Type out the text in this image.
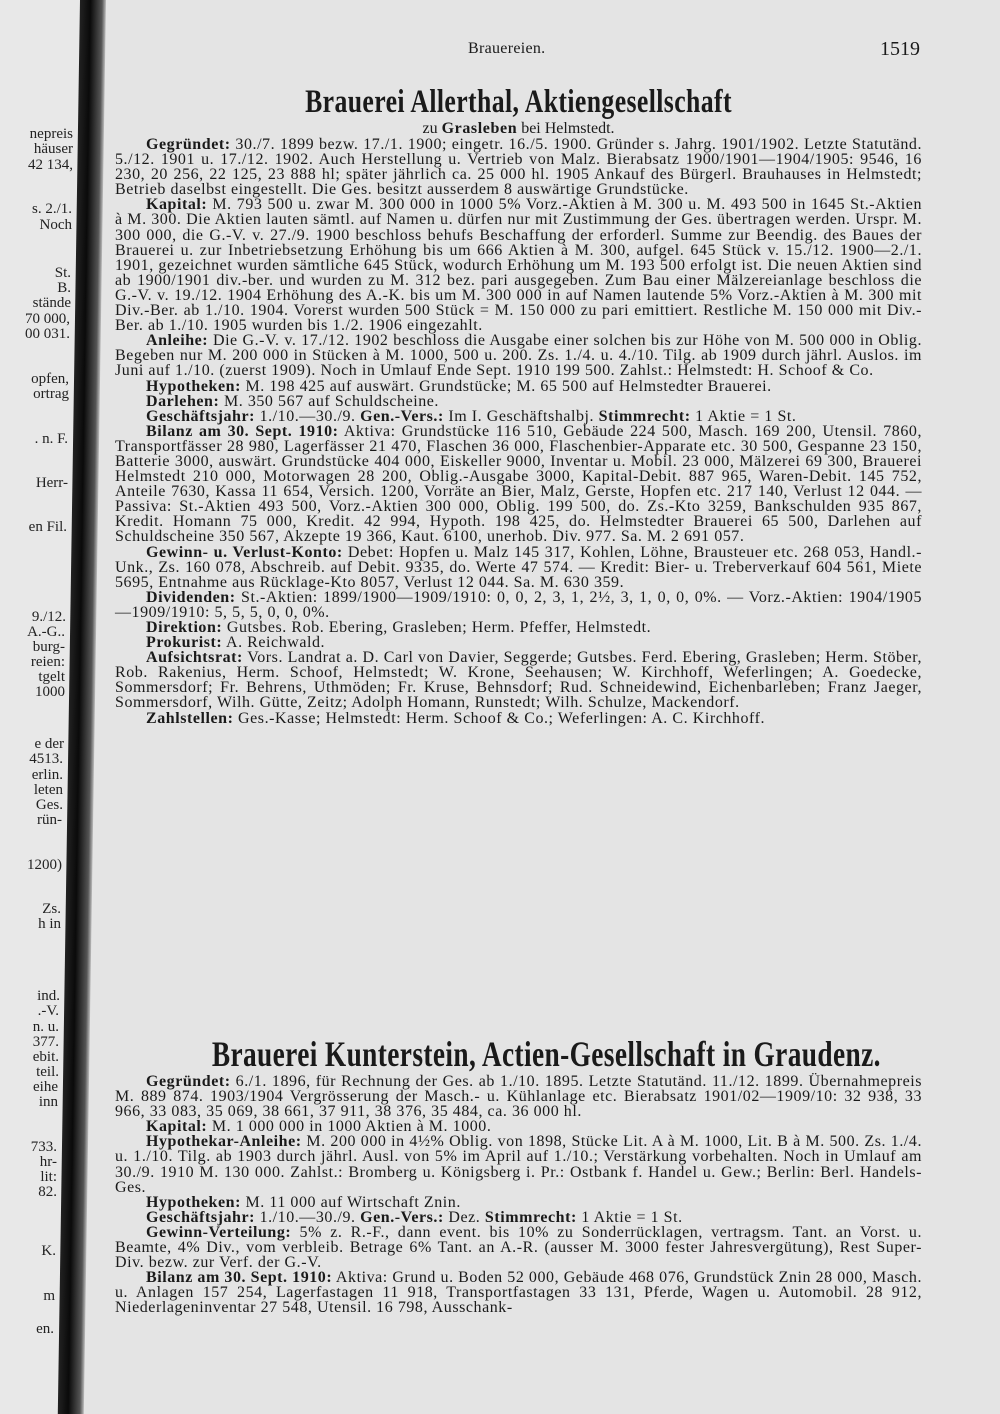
nepreis
häuser
42 134,
s. 2./1.
Noch
St.
B.
stände
70 000,
00 031.
opfen,
ortrag
. n. F.
Herr-
en Fil.
9./12.
A.-G..
burg-
reien:
tgelt
1000
e der
4513.
erlin.
leten
Ges.
rün-
1200)
Zs.
h in
ind.
.-V.
n. u.
377.
ebit.
teil.
eihe
inn
733.
hr-
lit:
82.
K.
m
en.
Brauereien.	1519
Brauerei Allerthal, Aktiengesellschaft
zu Grasleben bei Helmstedt.

Gegründet: 30./7. 1899 bezw. 17./1. 1900; eingetr. 16./5. 1900. Gründer s. Jahrg. 1901/1902. Letzte Statutänd. 5./12. 1901 u. 17./12. 1902. Auch Herstellung u. Vertrieb von Malz. Bierabsatz 1900/1901—1904/1905: 9546, 16 230, 20 256, 22 125, 23 888 hl; später jährlich ca. 25 000 hl. 1905 Ankauf des Bürgerl. Brauhauses in Helmstedt; Betrieb daselbst eingestellt. Die Ges. besitzt ausserdem 8 auswärtige Grundstücke.

Kapital: M. 793 500 u. zwar M. 300 000 in 1000 5% Vorz.-Aktien à M. 300 u. M. 493 500 in 1645 St.-Aktien à M. 300. Die Aktien lauten sämtl. auf Namen u. dürfen nur mit Zustimmung der Ges. übertragen werden. Urspr. M. 300 000, die G.-V. v. 27./9. 1900 beschloss behufs Beschaffung der erforderl. Summe zur Beendig. des Baues der Brauerei u. zur Inbetriebsetzung Erhöhung bis um 666 Aktien à M. 300, aufgel. 645 Stück v. 15./12. 1900—2./1. 1901, gezeichnet wurden sämtliche 645 Stück, wodurch Erhöhung um M. 193 500 erfolgt ist. Die neuen Aktien sind ab 1900/1901 div.-ber. und wurden zu M. 312 bez. pari ausgegeben. Zum Bau einer Mälzereianlage beschloss die G.-V. v. 19./12. 1904 Erhöhung des A.-K. bis um M. 300 000 in auf Namen lautende 5% Vorz.-Aktien à M. 300 mit Div.-Ber. ab 1./10. 1904. Vorerst wurden 500 Stück = M. 150 000 zu pari emittiert. Restliche M. 150 000 mit Div.-Ber. ab 1./10. 1905 wurden bis 1./2. 1906 eingezahlt.

Anleihe: Die G.-V. v. 17./12. 1902 beschloss die Ausgabe einer solchen bis zur Höhe von M. 500 000 in Oblig. Begeben nur M. 200 000 in Stücken à M. 1000, 500 u. 200. Zs. 1./4. u. 4./10. Tilg. ab 1909 durch jährl. Auslos. im Juni auf 1./10. (zuerst 1909). Noch in Umlauf Ende Sept. 1910 199 500. Zahlst.: Helmstedt: H. Schoof & Co.

Hypotheken: M. 198 425 auf auswärt. Grundstücke; M. 65 500 auf Helmstedter Brauerei.

Darlehen: M. 350 567 auf Schuldscheine.

Geschäftsjahr: 1./10.—30./9. Gen.-Vers.: Im I. Geschäftshalbj. Stimmrecht: 1 Aktie = 1 St.

Bilanz am 30. Sept. 1910: Aktiva: Grundstücke 116 510, Gebäude 224 500, Masch. 169 200, Utensil. 7860, Transportfässer 28 980, Lagerfässer 21 470, Flaschen 36 000, Flaschenbier-Apparate etc. 30 500, Gespanne 23 150, Batterie 3000, auswärt. Grundstücke 404 000, Eiskeller 9000, Inventar u. Mobil. 23 000, Mälzerei 69 300, Brauerei Helmstedt 210 000, Motorwagen 28 200, Oblig.-Ausgabe 3000, Kapital-Debit. 887 965, Waren-Debit. 145 752, Anteile 7630, Kassa 11 654, Versich. 1200, Vorräte an Bier, Malz, Gerste, Hopfen etc. 217 140, Verlust 12 044. — Passiva: St.-Aktien 493 500, Vorz.-Aktien 300 000, Oblig. 199 500, do. Zs.-Kto 3259, Bankschulden 935 867, Kredit. Homann 75 000, Kredit. 42 994, Hypoth. 198 425, do. Helmstedter Brauerei 65 500, Darlehen auf Schuldscheine 350 567, Akzepte 19 366, Kaut. 6100, unerhob. Div. 977. Sa. M. 2 691 057.

Gewinn- u. Verlust-Konto: Debet: Hopfen u. Malz 145 317, Kohlen, Löhne, Brausteuer etc. 268 053, Handl.-Unk., Zs. 160 078, Abschreib. auf Debit. 9335, do. Werte 47 574. — Kredit: Bier- u. Treberverkauf 604 561, Miete 5695, Entnahme aus Rücklage-Kto 8057, Verlust 12 044. Sa. M. 630 359.

Dividenden: St.-Aktien: 1899/1900—1909/1910: 0, 0, 2, 3, 1, 2½, 3, 1, 0, 0, 0%. — Vorz.-Aktien: 1904/1905—1909/1910: 5, 5, 5, 0, 0, 0%.

Direktion: Gutsbes. Rob. Ebering, Grasleben; Herm. Pfeffer, Helmstedt.

Prokurist: A. Reichwald.

Aufsichtsrat: Vors. Landrat a. D. Carl von Davier, Seggerde; Gutsbes. Ferd. Ebering, Grasleben; Herm. Stöber, Rob. Rakenius, Herm. Schoof, Helmstedt; W. Krone, Seehausen; W. Kirchhoff, Weferlingen; A. Goedecke, Sommersdorf; Fr. Behrens, Uthmöden; Fr. Kruse, Behnsdorf; Rud. Schneidewind, Eichenbarleben; Franz Jaeger, Sommersdorf, Wilh. Gütte, Zeitz; Adolph Homann, Runstedt; Wilh. Schulze, Mackendorf.

Zahlstellen: Ges.-Kasse; Helmstedt: Herm. Schoof & Co.; Weferlingen: A. C. Kirchhoff.

Brauerei Kunterstein, Actien-Gesellschaft in Graudenz.

Gegründet: 6./1. 1896, für Rechnung der Ges. ab 1./10. 1895. Letzte Statutänd. 11./12. 1899. Übernahmepreis M. 889 874. 1903/1904 Vergrösserung der Masch.- u. Kühlanlage etc. Bierabsatz 1901/02—1909/10: 32 938, 33 966, 33 083, 35 069, 38 661, 37 911, 38 376, 35 484, ca. 36 000 hl.

Kapital: M. 1 000 000 in 1000 Aktien à M. 1000.

Hypothekar-Anleihe: M. 200 000 in 4½% Oblig. von 1898, Stücke Lit. A à M. 1000, Lit. B à M. 500. Zs. 1./4. u. 1./10. Tilg. ab 1903 durch jährl. Ausl. von 5% im April auf 1./10.; Verstärkung vorbehalten. Noch in Umlauf am 30./9. 1910 M. 130 000. Zahlst.: Bromberg u. Königsberg i. Pr.: Ostbank f. Handel u. Gew.; Berlin: Berl. Handels-Ges.

Hypotheken: M. 11 000 auf Wirtschaft Znin.

Geschäftsjahr: 1./10.—30./9. Gen.-Vers.: Dez. Stimmrecht: 1 Aktie = 1 St.

Gewinn-Verteilung: 5% z. R.-F., dann event. bis 10% zu Sonderrücklagen, vertragsm. Tant. an Vorst. u. Beamte, 4% Div., vom verbleib. Betrage 6% Tant. an A.-R. (ausser M. 3000 fester Jahresvergütung), Rest Super-Div. bezw. zur Verf. der G.-V.

Bilanz am 30. Sept. 1910: Aktiva: Grund u. Boden 52 000, Gebäude 468 076, Grundstück Znin 28 000, Masch. u. Anlagen 157 254, Lagerfastagen 11 918, Transportfastagen 33 131, Pferde, Wagen u. Automobil. 28 912, Niederlageninventar 27 548, Utensil. 16 798, Ausschank-
